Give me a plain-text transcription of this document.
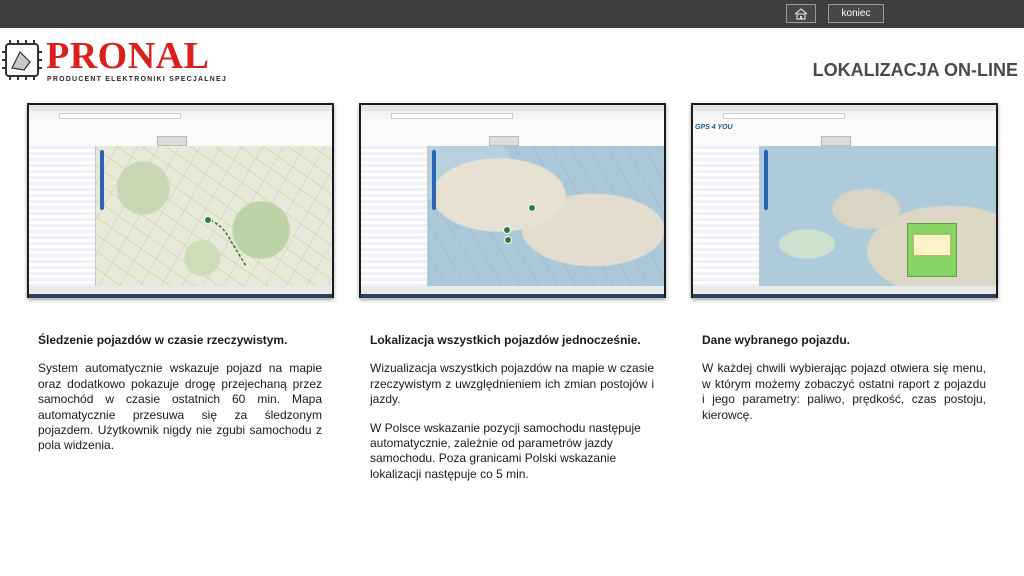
koniec
PRONAL
PRODUCENT ELEKTRONIKI SPECJALNEJ	LOKALIZACJA ON-LINE
GPS 4 YOU
Śledzenie pojazdów w czasie rzeczywistym.

System automatycznie wskazuje pojazd na mapie oraz dodatkowo pokazuje drogę przejechaną przez samochód w czasie ostatnich 60 min. Mapa automatycznie przesuwa się za śledzonym pojazdem. Użytkownik nigdy nie zgubi samochodu z pola widzenia.

Lokalizacja wszystkich pojazdów jednocześnie.

Wizualizacja wszystkich pojazdów na mapie w czasie rzeczywistym z uwzględnieniem ich zmian postojów i jazdy.

W Polsce wskazanie pozycji samochodu następuje automatycznie, zależnie od parametrów jazdy samochodu. Poza granicami Polski wskazanie lokalizacji następuje co 5 min.

Dane wybranego pojazdu.

W każdej chwili wybierając pojazd otwiera się menu, w którym możemy zobaczyć ostatni raport z pojazdu i jego parametry: paliwo, prędkość, czas postoju, kierowcę.
